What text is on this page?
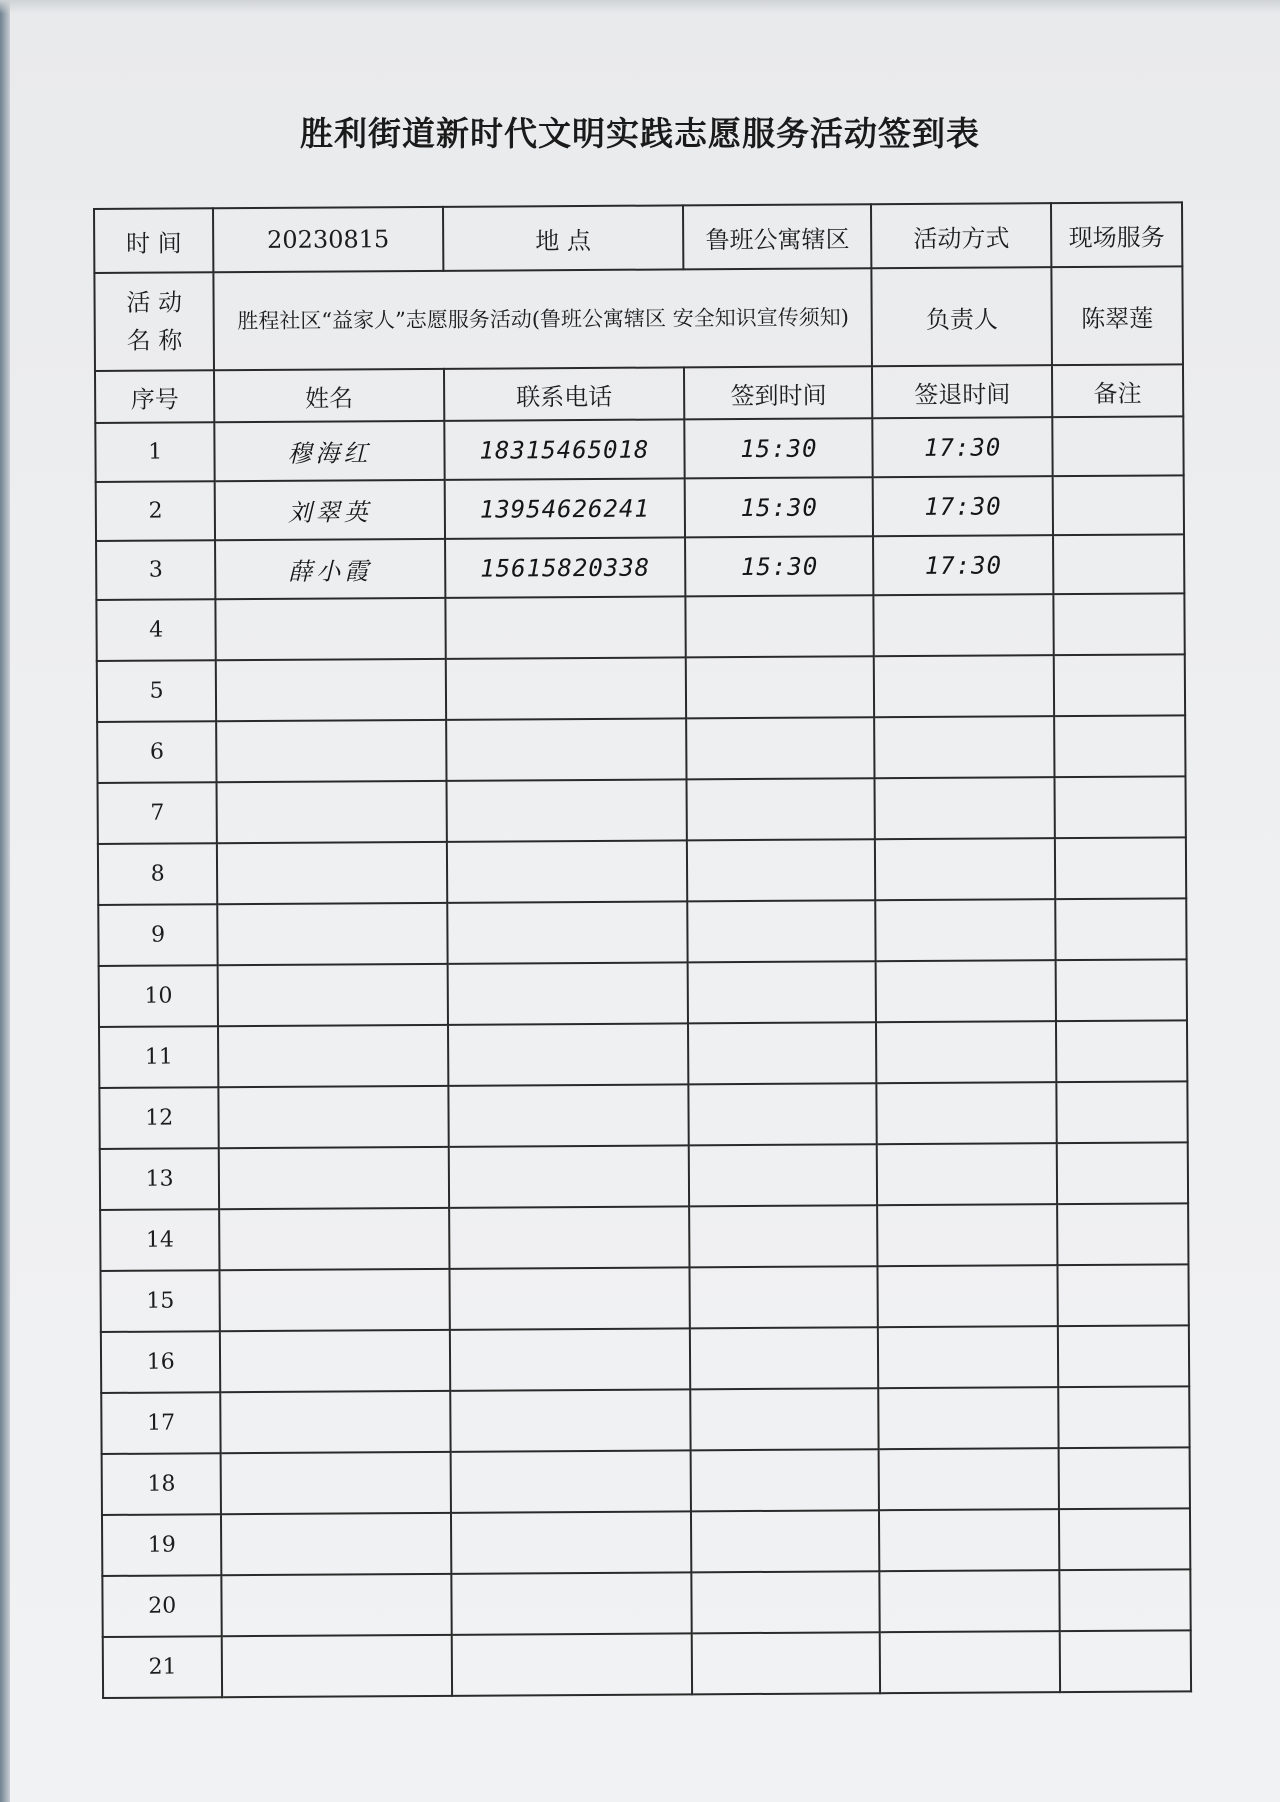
胜利街道新时代文明实践志愿服务活动签到表
时 间	20230815	地 点	鲁班公寓辖区	活动方式	现场服务
活 动
名 称	胜程社区“益家人”志愿服务活动(鲁班公寓辖区 安全知识宣传须知)			负责人	陈翠莲
序号	姓名	联系电话	签到时间	签退时间	备注
1	穆海红	18315465018	15:30	17:30	
2	刘翠英	13954626241	15:30	17:30	
3	薛小霞	15615820338	15:30	17:30	
4					
5					
6					
7					
8					
9					
10					
11					
12					
13					
14					
15					
16					
17					
18					
19					
20					
21					
